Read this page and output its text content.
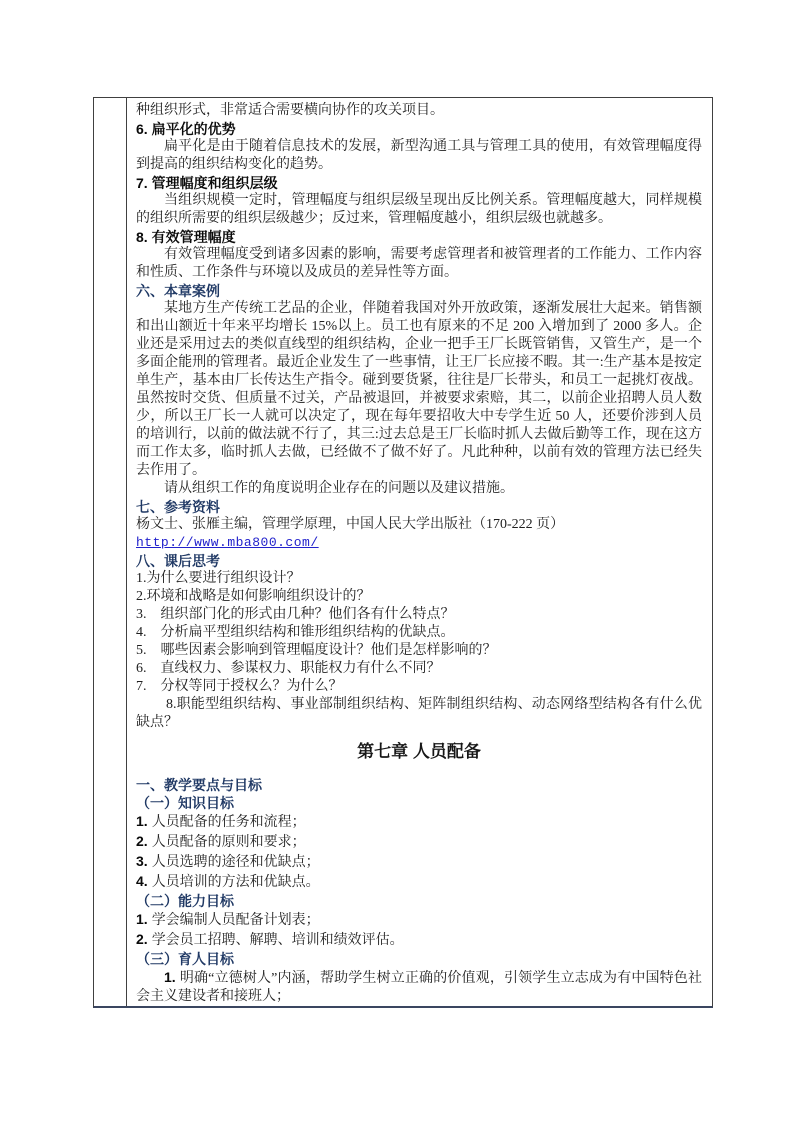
种组织形式，非常适合需要横向协作的攻关项目。

6. 扁平化的优势

扁平化是由于随着信息技术的发展，新型沟通工具与管理工具的使用，有效管理幅度得到提高的组织结构变化的趋势。

7. 管理幅度和组织层级

当组织规模一定时，管理幅度与组织层级呈现出反比例关系。管理幅度越大，同样规模的组织所需要的组织层级越少；反过来，管理幅度越小，组织层级也就越多。

8. 有效管理幅度

有效管理幅度受到诸多因素的影响，需要考虑管理者和被管理者的工作能力、工作内容和性质、工作条件与环境以及成员的差异性等方面。

六、本章案例

某地方生产传统工艺品的企业，伴随着我国对外开放政策，逐渐发展壮大起来。销售额和出山额近十年来平均增长 15%以上。员工也有原来的不足 200 入增加到了 2000 多人。企业还是采用过去的类似直线型的组织结构，企业一把手王厂长既管销售，又管生产，是一个多面企能刑的管理者。最近企业发生了一些事情，让王厂长应接不暇。其一:生产基本是按定单生产，基本由厂长传达生产指令。碰到要货紧，往往是厂长带头，和员工一起挑灯夜战。虽然按时交货、但质量不过关，产品被退回，并被要求索赔，其二，以前企业招聘人员人数少，所以王厂长一人就可以决定了，现在每年要招收大中专学生近 50 人，还要价涉到人员的培训行，以前的做法就不行了，其三:过去总是王厂长临时抓人去做后勤等工作，现在这方而工作太多，临时抓人去做，已经做不了做不好了。凡此种种，以前有效的管理方法已经失去作用了。

请从组织工作的角度说明企业存在的问题以及建议措施。

七、参考资料

杨文士、张雁主编，管理学原理，中国人民大学出版社（170-222 页）

http://www.mba800.com/

八、课后思考

1.为什么要进行组织设计？

2.环境和战略是如何影响组织设计的？

3.　组织部门化的形式由几种？他们各有什么特点？

4.　分析扁平型组织结构和锥形组织结构的优缺点。

5.　哪些因素会影响到管理幅度设计？他们是怎样影响的？

6.　直线权力、参谋权力、职能权力有什么不同？

7.　分权等同于授权么？为什么？

8.职能型组织结构、事业部制组织结构、矩阵制组织结构、动态网络型结构各有什么优缺点？

第七章 人员配备

一、教学要点与目标

（一）知识目标

1. 人员配备的任务和流程；

2. 人员配备的原则和要求；

3. 人员选聘的途径和优缺点；

4. 人员培训的方法和优缺点。

（二）能力目标

1. 学会编制人员配备计划表；

2. 学会员工招聘、解聘、培训和绩效评估。

（三）育人目标

1. 明确“立德树人”内涵，帮助学生树立正确的价值观，引领学生立志成为有中国特色社会主义建设者和接班人；
